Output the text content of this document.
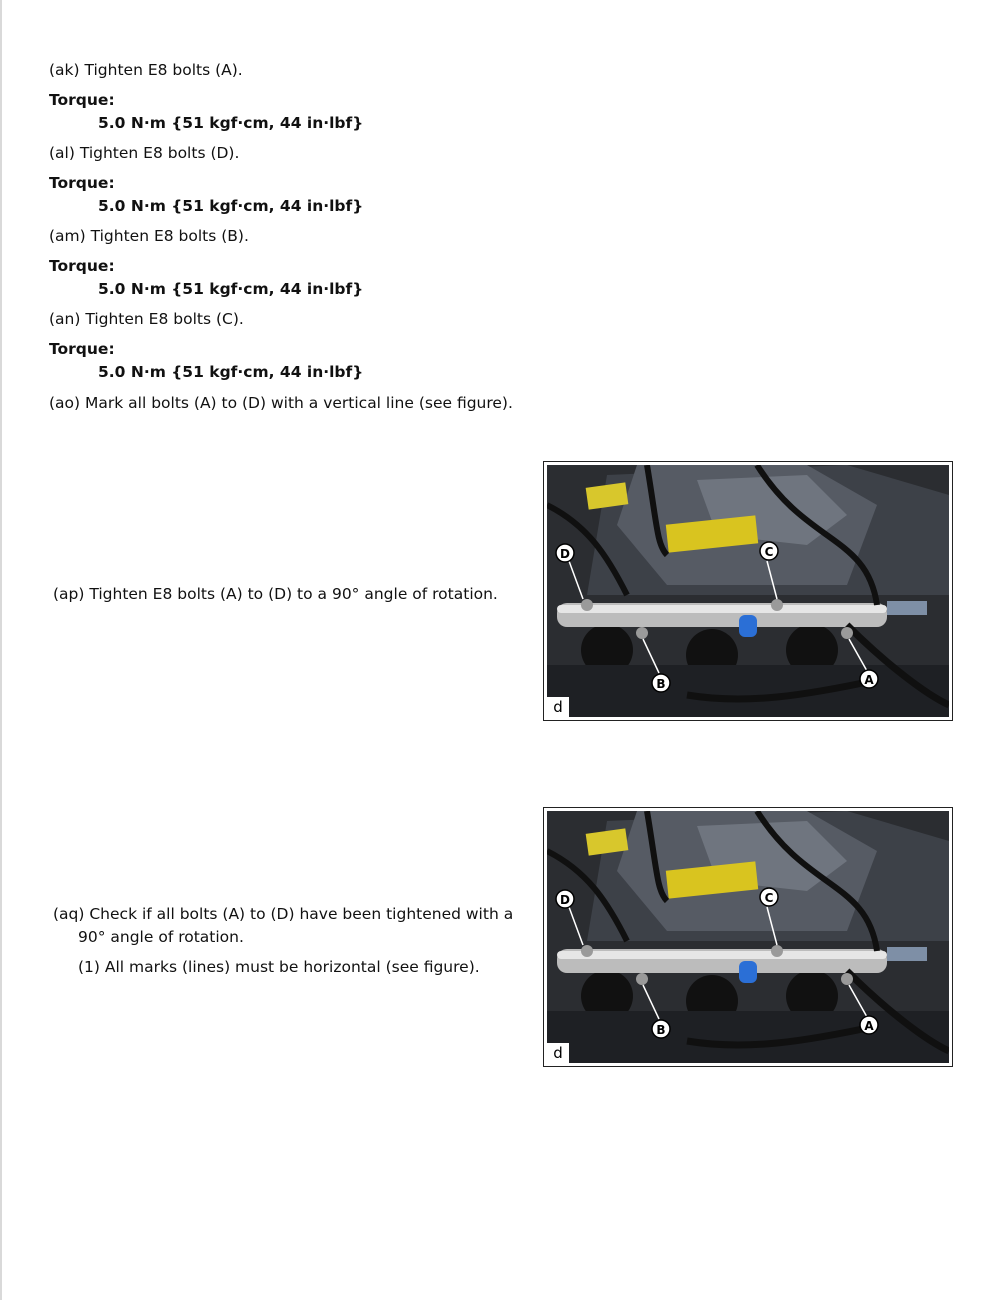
(ak) Tighten E8 bolts (A).

Torque:

5.0 N·m {51 kgf·cm, 44 in·lbf}

(al) Tighten E8 bolts (D).

Torque:

5.0 N·m {51 kgf·cm, 44 in·lbf}

(am) Tighten E8 bolts (B).

Torque:

5.0 N·m {51 kgf·cm, 44 in·lbf}

(an) Tighten E8 bolts (C).

Torque:

5.0 N·m {51 kgf·cm, 44 in·lbf}

(ao) Mark all bolts (A) to (D) with a vertical line (see figure).

(ap) Tighten E8 bolts (A) to (D) to a 90° angle of rotation.

(aq) Check if all bolts (A) to (D) have been tightened with a

90° angle of rotation.

(1) All marks (lines) must be horizontal (see figure).

D	C
B	A
d
D	C
B	A
d
